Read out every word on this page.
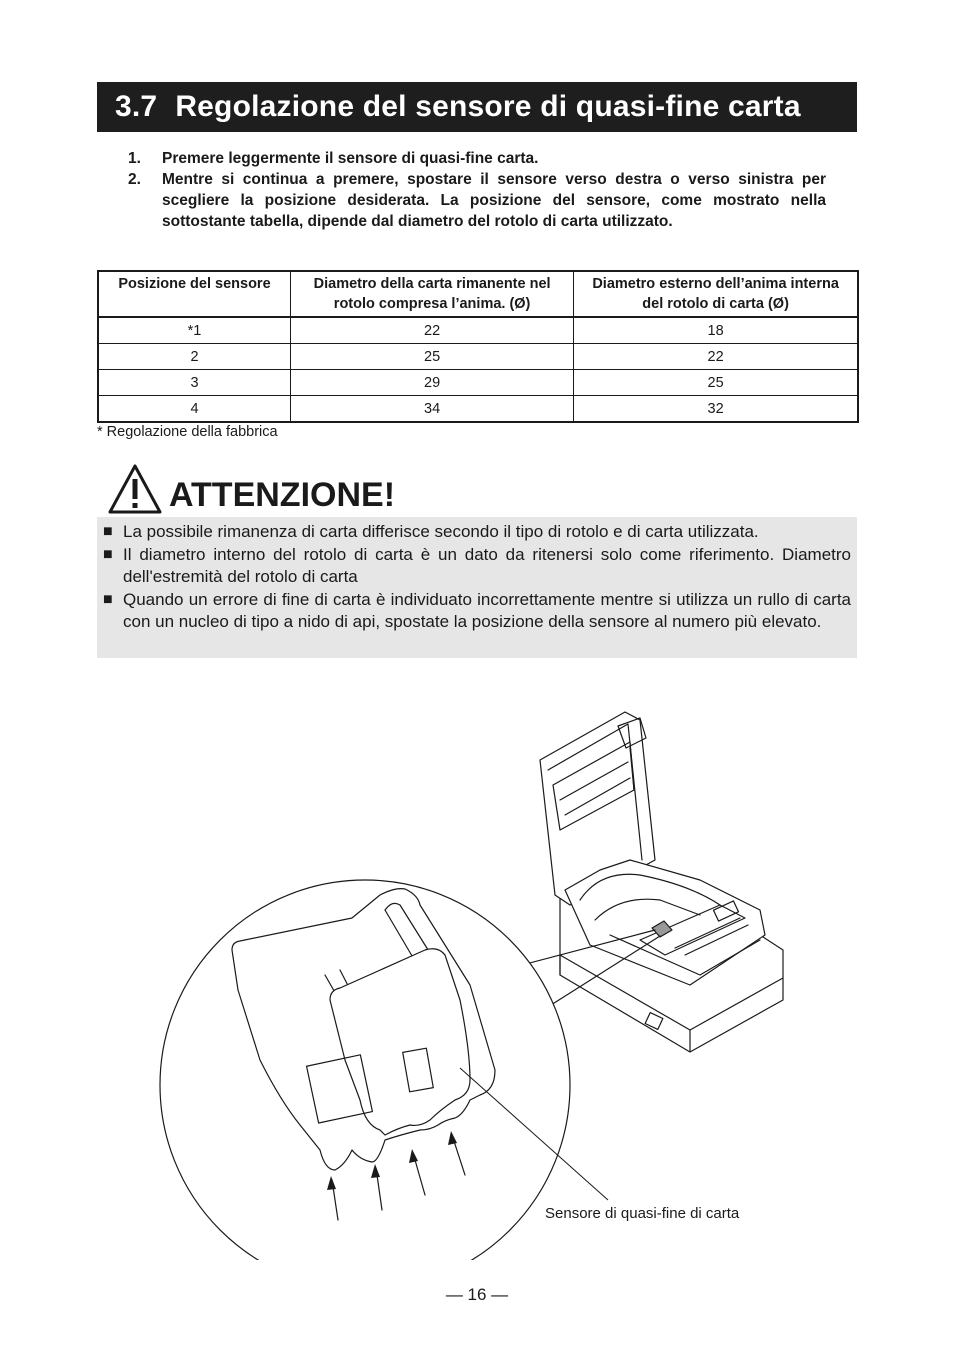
3.7 Regolazione del sensore di quasi-fine carta
1.	Premere leggermente il sensore di quasi-fine carta.
2.	Mentre si continua a premere, spostare il sensore verso destra o verso sinistra per scegliere la posizione desiderata. La posizione del sensore, come mostrato nella sottostante tabella, dipende dal diametro del rotolo di carta utilizzato.
Posizione del sensore	Diametro della carta rimanente nel rotolo compresa l’anima. (Ø)	Diametro esterno dell’anima interna del rotolo di carta (Ø)
*1	22	18
2	25	22
3	29	25
4	34	32
* Regolazione della fabbrica
ATTENZIONE!
■ La possibile rimanenza di carta differisce secondo il tipo di rotolo e di carta utilizzata.
■ Il diametro interno del rotolo di carta è un dato da ritenersi solo come riferimento. Diametro dell'estremità del rotolo di carta
■ Quando un errore di fine di carta è individuato incorrettamente mentre si utilizza un rullo di carta con un nucleo di tipo a nido di api, spostate la posizione della sensore al numero più elevato.
Sensore di quasi-fine di carta
— 16 —
